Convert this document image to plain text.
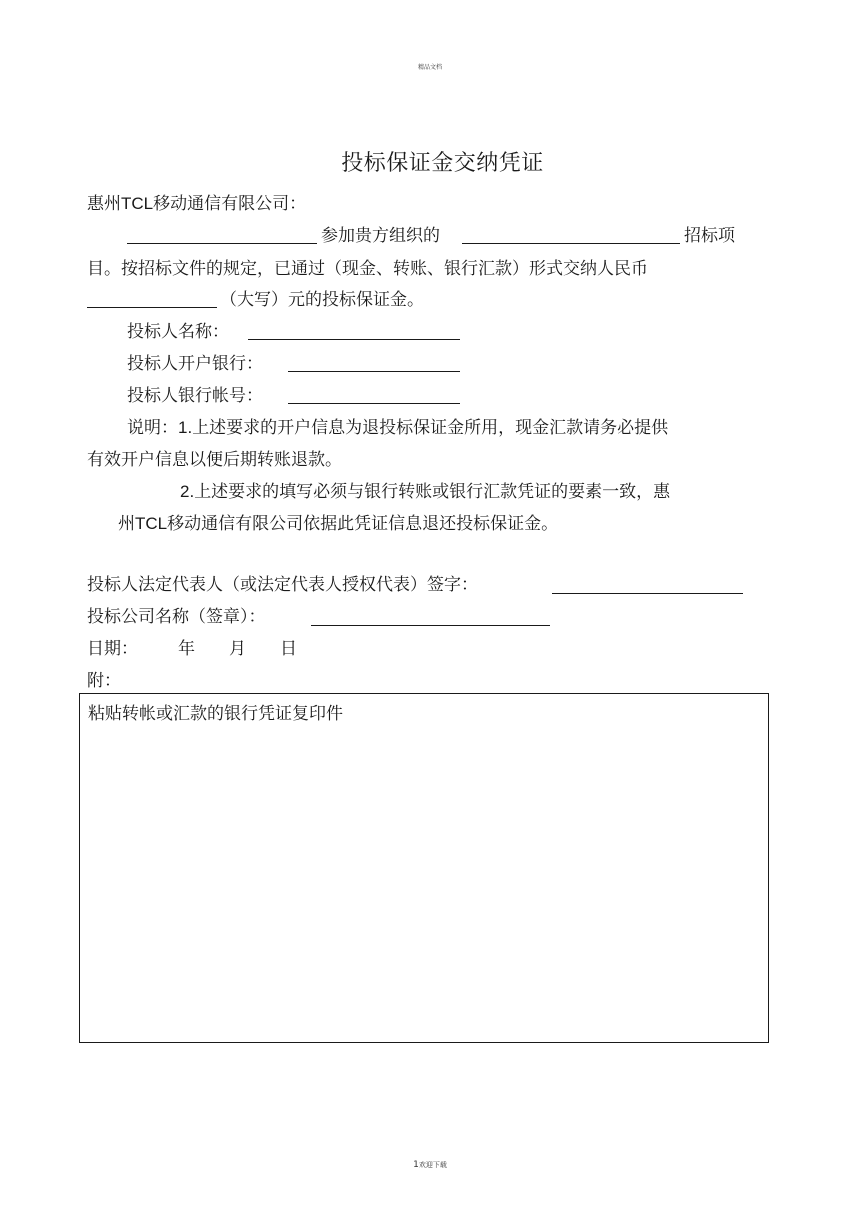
精品文档
投标保证金交纳凭证
惠州TCL移动通信有限公司：
参加贵方组织的	招标项
目。按招标文件的规定，已通过（现金、转账、银行汇款）形式交纳人民币
（大写）元的投标保证金。
投标人名称：
投标人开户银行：
投标人银行帐号：
说明：1.上述要求的开户信息为退投标保证金所用，现金汇款请务必提供
有效开户信息以便后期转账退款。
2.上述要求的填写必须与银行转账或银行汇款凭证的要素一致，惠
州TCL移动通信有限公司依据此凭证信息退还投标保证金。
投标人法定代表人（或法定代表人授权代表）签字：
投标公司名称（签章）：
日期： 年 月 日
附：
粘贴转帐或汇款的银行凭证复印件
1欢迎下载
